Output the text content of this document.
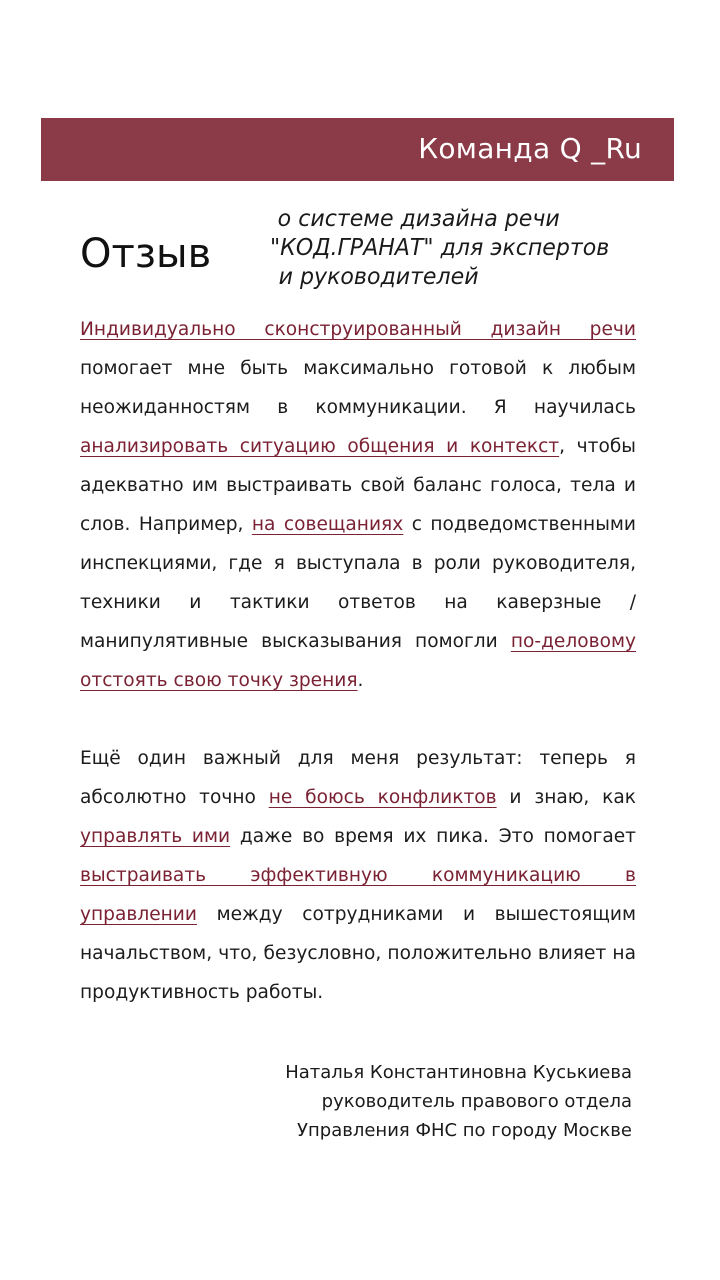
Команда Q _Ru
Отзыв
о системе дизайна речи
"КОД.ГРАНАТ" для экспертов
и руководителей

Индивидуально сконструированный дизайн речи помогает мне быть максимально готовой к любым неожиданностям в коммуникации. Я научилась анализировать ситуацию общения и контекст, чтобы адекватно им выстраивать свой баланс голоса, тела и слов. Например, на совещаниях с подведомственными инспекциями, где я выступала в роли руководителя, техники и тактики ответов на каверзные / манипулятивные высказывания помогли по-деловому отстоять свою точку зрения.

Ещё один важный для меня результат: теперь я абсолютно точно не боюсь конфликтов и знаю, как управлять ими даже во время их пика. Это помогает выстраивать эффективную коммуникацию в управлении между сотрудниками и вышестоящим начальством, что, безусловно, положительно влияет на продуктивность работы.

Наталья Константиновна Куськиева
руководитель правового отдела
Управления ФНС по городу Москве
